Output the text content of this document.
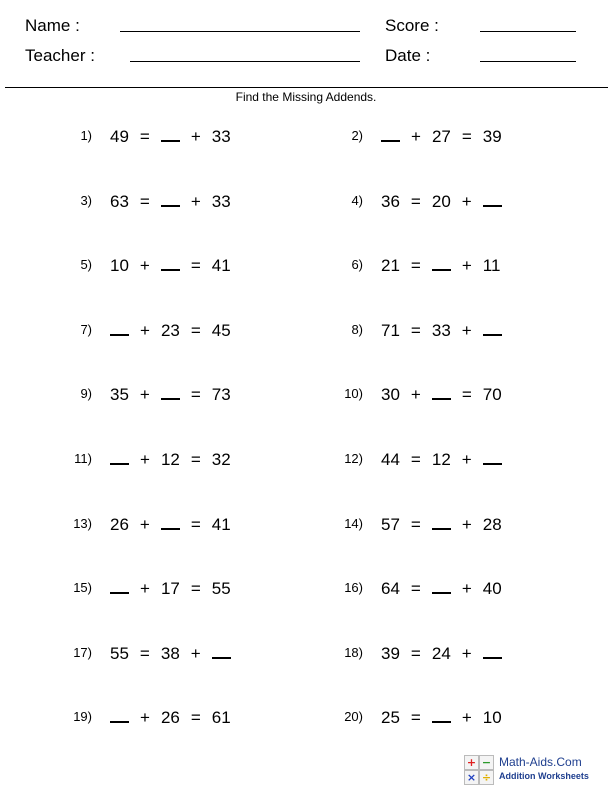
Name :	Score :
Teacher :	Date :
Find the Missing Addends.
1) 49 = + 33	2)	+ 27 = 39
3) 63 = + 33	4) 36 = 20 +
5) 10 + = 41	6) 21 = + 11
7)	+ 23 = 45	8) 71 = 33 +
9) 35 + = 73	10) 30 + = 70
11)	+ 12 = 32	12) 44 = 12 +
13) 26 + = 41	14) 57 = + 28
15)	+ 17 = 55	16) 64 = + 40
17) 55 = 38 +	18) 39 = 24 +
19)	+ 26 = 61	20) 25 = + 10
+ −
× ÷
Math-Aids.Com
Addition Worksheets
